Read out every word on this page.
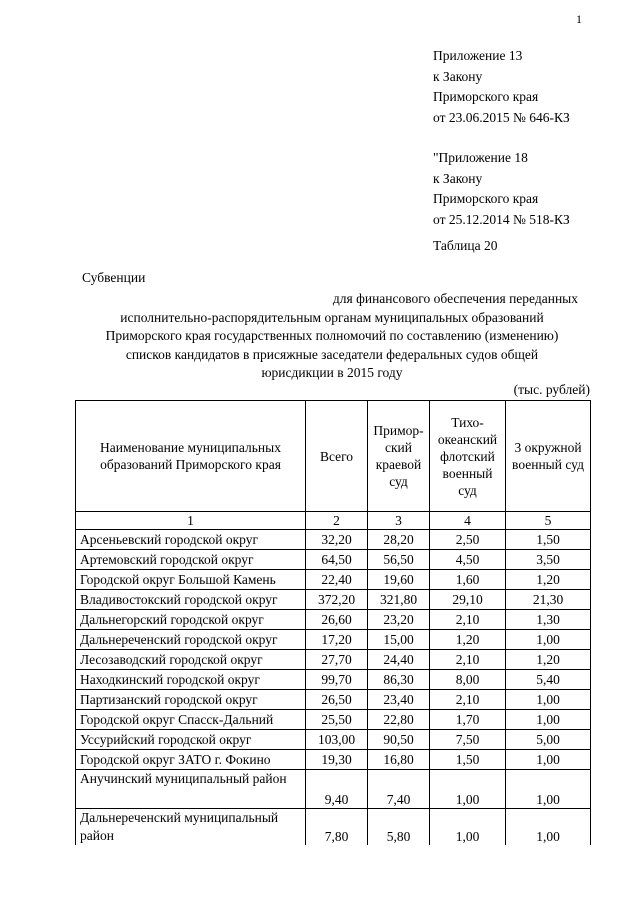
1
Приложение 13
к Закону
Приморского края
от 23.06.2015 № 646-КЗ
"Приложение 18
к Закону
Приморского края
от 25.12.2014 № 518-КЗ
Таблица 20
Субвенции
для финансового обеспечения переданных
исполнительно-распорядительным органам муниципальных образований
Приморского края государственных полномочий по составлению (изменению)
списков кандидатов в присяжные заседатели федеральных судов общей
юрисдикции в 2015 году
(тыс. рублей)
Наименование муниципальных образований Приморского края	Всего	Примор-ский краевой суд	Тихо-океанский флотский военный суд	3 окружной военный суд
1	2	3	4	5
Арсеньевский городской округ	32,20	28,20	2,50	1,50
Артемовский городской округ	64,50	56,50	4,50	3,50
Городской округ Большой Камень	22,40	19,60	1,60	1,20
Владивостокский городской округ	372,20	321,80	29,10	21,30
Дальнегорский городской округ	26,60	23,20	2,10	1,30
Дальнереченский городской округ	17,20	15,00	1,20	1,00
Лесозаводский городской округ	27,70	24,40	2,10	1,20
Находкинский городской округ	99,70	86,30	8,00	5,40
Партизанский городской округ	26,50	23,40	2,10	1,00
Городской округ Спасск-Дальний	25,50	22,80	1,70	1,00
Уссурийский городской округ	103,00	90,50	7,50	5,00
Городской округ ЗАТО г. Фокино	19,30	16,80	1,50	1,00
Анучинский муниципальный район	9,40	7,40	1,00	1,00
Дальнереченский муниципальный район	7,80	5,80	1,00	1,00
